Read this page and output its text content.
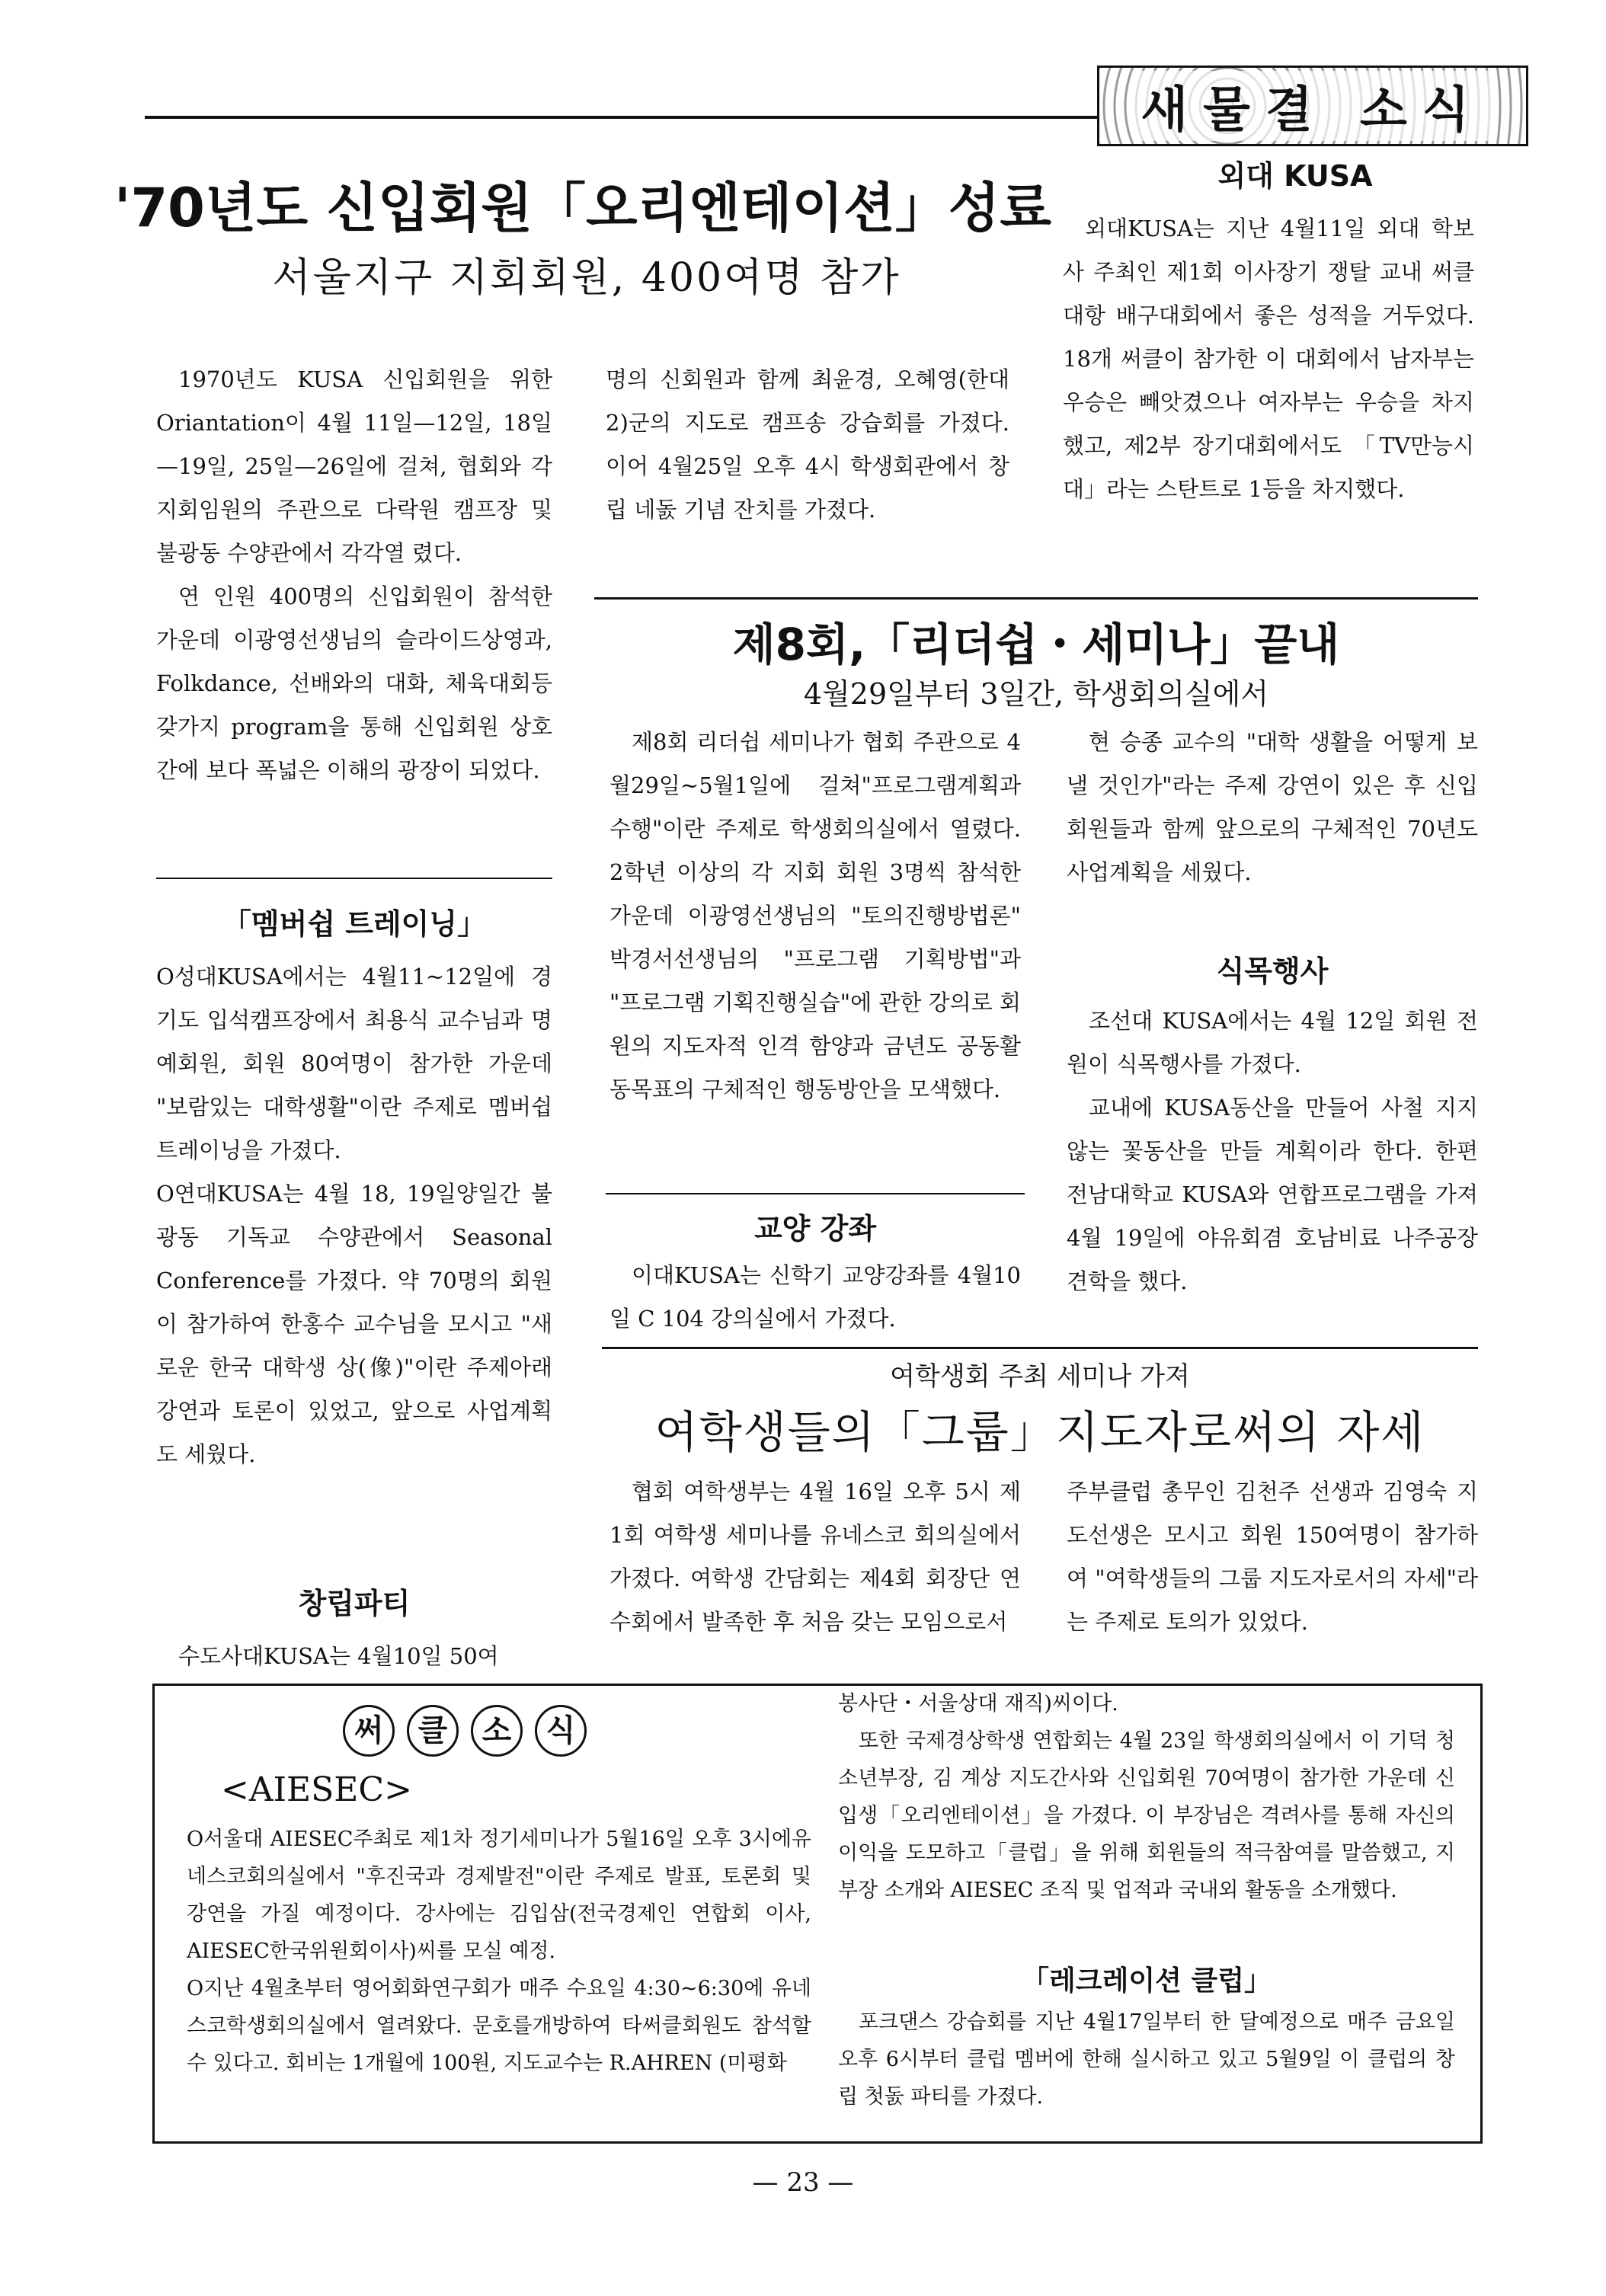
새물결 소식
'70년도 신입회원「오리엔테이션」성료
서울지구 지회회원, 400여명 참가

1970년도 KUSA 신입회원을 위한 Oriantation이 4월 11일—12일, 18일—19일, 25일—26일에 걸쳐, 협회와 각지회임원의 주관으로 다락원 캠프장 및 불광동 수양관에서 각각열 렸다.

연 인원 400명의 신입회원이 참석한 가운데 이광영선생님의 슬라이드상영과, Folkdance, 선배와의 대화, 체육대회등 갖가지 program을 통해 신입회원 상호간에 보다 폭넓은 이해의 광장이 되었다.

명의 신회원과 함께 최윤경, 오혜영(한대 2)군의 지도로 캠프송 강습회를 가졌다. 이어 4월25일 오후 4시 학생회관에서 창립 네돐 기념 잔치를 가졌다.

외대 KUSA

외대KUSA는 지난 4월11일 외대 학보사 주최인 제1회 이사장기 쟁탈 교내 써클대항 배구대회에서 좋은 성적을 거두었다. 18개 써클이 참가한 이 대회에서 남자부는 우승은 빼앗겼으나 여자부는 우승을 차지했고, 제2부 장기대회에서도 「TV만능시대」라는 스탄트로 1등을 차지했다.

「멤버쉽 트레이닝」

O성대KUSA에서는 4월11~12일에 경기도 입석캠프장에서 최용식 교수님과 명예회원, 회원 80여명이 참가한 가운데 "보람있는 대학생활"이란 주제로 멤버쉽 트레이닝을 가졌다.

O연대KUSA는 4월 18, 19일양일간 불광동 기독교 수양관에서 Seasonal Conference를 가졌다. 약 70명의 회원이 참가하여 한홍수 교수님을 모시고 "새로운 한국 대학생 상(像)"이란 주제아래 강연과 토론이 있었고, 앞으로 사업계획도 세웠다.

창립파티

수도사대KUSA는 4월10일 50여

제8회,「리더쉽・세미나」끝내
4월29일부터 3일간, 학생회의실에서

제8회 리더쉽 세미나가 협회 주관으로 4월29일~5월1일에 걸쳐"프로그램계획과 수행"이란 주제로 학생회의실에서 열렸다. 2학년 이상의 각 지회 회원 3명씩 참석한 가운데 이광영선생님의 "토의진행방법론" 박경서선생님의 "프로그램 기획방법"과 "프로그램 기획진행실습"에 관한 강의로 회원의 지도자적 인격 함양과 금년도 공동활동목표의 구체적인 행동방안을 모색했다.

현 승종 교수의 "대학 생활을 어떻게 보낼 것인가"라는 주제 강연이 있은 후 신입회원들과 함께 앞으로의 구체적인 70년도 사업계획을 세웠다.

식목행사

조선대 KUSA에서는 4월 12일 회원 전원이 식목행사를 가졌다.

교내에 KUSA동산을 만들어 사철 지지않는 꽃동산을 만들 계획이라 한다. 한편 전남대학교 KUSA와 연합프로그램을 가져 4월 19일에 야유회겸 호남비료 나주공장 견학을 했다.

교양 강좌

이대KUSA는 신학기 교양강좌를 4월10일 C 104 강의실에서 가졌다.

여학생회 주최 세미나 가져
여학생들의「그룹」지도자로써의 자세

협회 여학생부는 4월 16일 오후 5시 제1회 여학생 세미나를 유네스코 회의실에서 가졌다. 여학생 간담회는 제4회 회장단 연수회에서 발족한 후 처음 갖는 모임으로서

주부클럽 총무인 김천주 선생과 김영숙 지도선생은 모시고 회원 150여명이 참가하여 "여학생들의 그룹 지도자로서의 자세"라는 주제로 토의가 있었다.

써 클 소 식
<AIESEC>

O서울대 AIESEC주최로 제1차 정기세미나가 5월16일 오후 3시에유네스코회의실에서 "후진국과 경제발전"이란 주제로 발표, 토론회 및 강연을 가질 예정이다. 강사에는 김입삼(전국경제인 연합회 이사, AIESEC한국위원회이사)씨를 모실 예정.

O지난 4월초부터 영어회화연구회가 매주 수요일 4:30~6:30에 유네스코학생회의실에서 열려왔다. 문호를개방하여 타써클회원도 참석할 수 있다고. 회비는 1개월에 100원, 지도교수는 R.AHREN (미평화

봉사단・서울상대 재직)씨이다.

또한 국제경상학생 연합회는 4월 23일 학생회의실에서 이 기덕 청소년부장, 김 계상 지도간사와 신입회원 70여명이 참가한 가운데 신입생「오리엔테이션」을 가졌다. 이 부장님은 격려사를 통해 자신의 이익을 도모하고「클럽」을 위해 회원들의 적극참여를 말씀했고, 지부장 소개와 AIESEC 조직 및 업적과 국내외 활동을 소개했다.

「레크레이션 클럽」

포크댄스 강습회를 지난 4월17일부터 한 달예정으로 매주 금요일 오후 6시부터 클럽 멤버에 한해 실시하고 있고 5월9일 이 클럽의 창립 첫돐 파티를 가졌다.

— 23 —
